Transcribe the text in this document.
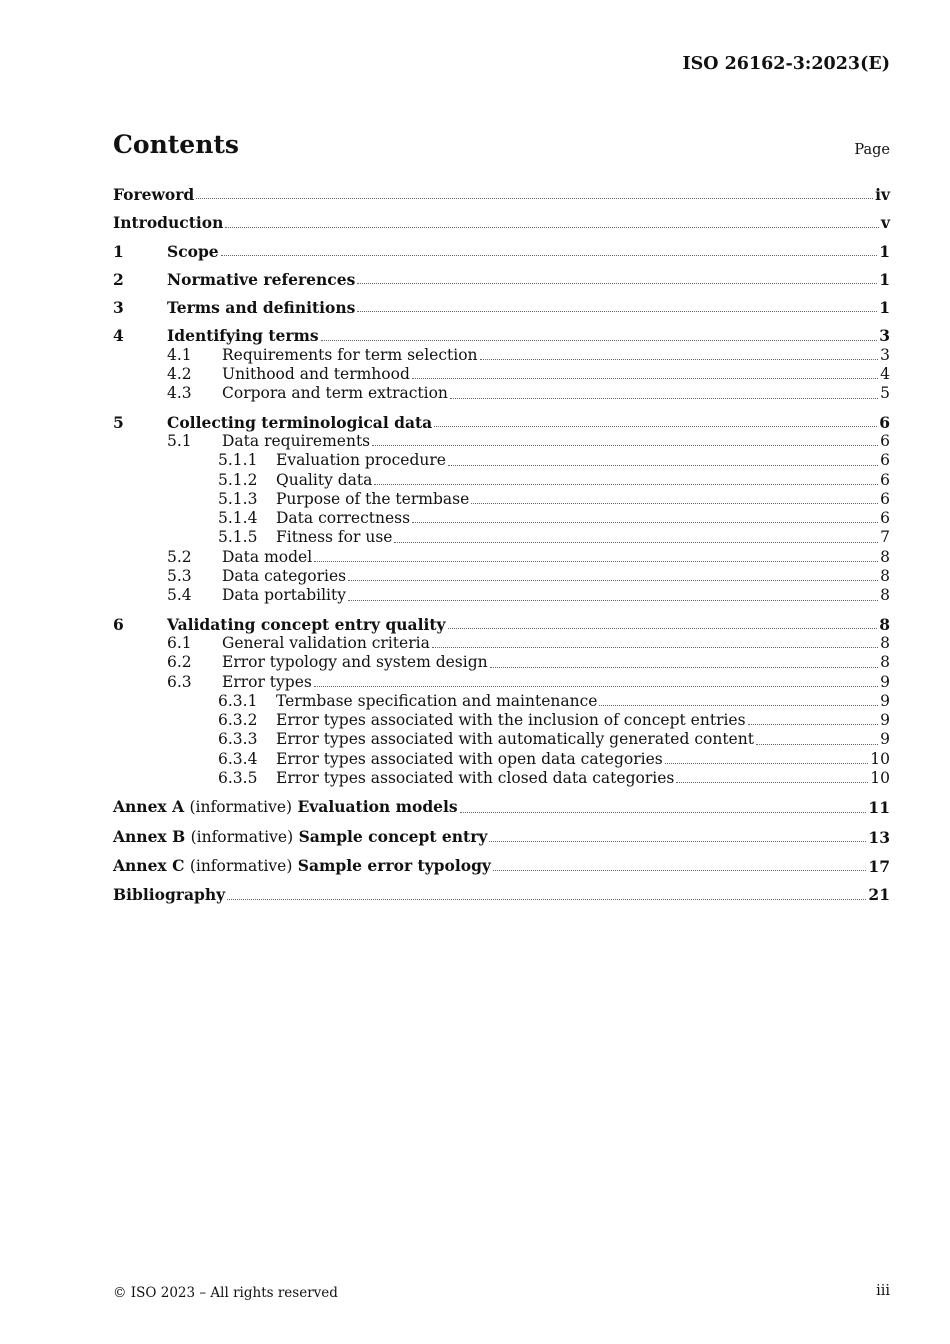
ISO 26162-3:2023(E)
Contents	Page
Foreword	iv
Introduction	v
1	Scope	1
2	Normative references	1
3	Terms and definitions	1
4	Identifying terms	3
4.1	Requirements for term selection	3
4.2	Unithood and termhood	4
4.3	Corpora and term extraction	5
5	Collecting terminological data	6
5.1	Data requirements	6
5.1.1	Evaluation procedure	6
5.1.2	Quality data	6
5.1.3	Purpose of the termbase	6
5.1.4	Data correctness	6
5.1.5	Fitness for use	7
5.2	Data model	8
5.3	Data categories	8
5.4	Data portability	8
6	Validating concept entry quality	8
6.1	General validation criteria	8
6.2	Error typology and system design	8
6.3	Error types	9
6.3.1	Termbase specification and maintenance	9
6.3.2	Error types associated with the inclusion of concept entries	9
6.3.3	Error types associated with automatically generated content	9
6.3.4	Error types associated with open data categories	10
6.3.5	Error types associated with closed data categories	10
Annex A (informative) Evaluation models	11
Annex B (informative) Sample concept entry	13
Annex C (informative) Sample error typology	17
Bibliography	21
© ISO 2023 – All rights reserved	iii
